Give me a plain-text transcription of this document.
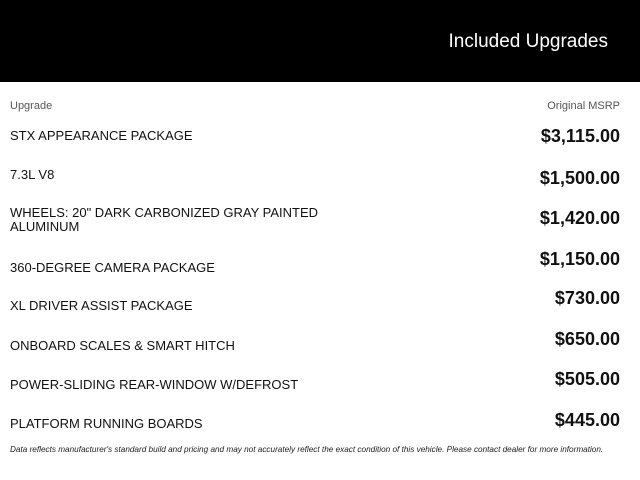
Included Upgrades
Upgrade	Original MSRP
STX APPEARANCE PACKAGE	$3,115.00
7.3L V8	$1,500.00
WHEELS: 20" DARK CARBONIZED GRAY PAINTED ALUMINUM	$1,420.00
360-DEGREE CAMERA PACKAGE	$1,150.00
XL DRIVER ASSIST PACKAGE	$730.00
ONBOARD SCALES & SMART HITCH	$650.00
POWER-SLIDING REAR-WINDOW W/DEFROST	$505.00
PLATFORM RUNNING BOARDS	$445.00
Data reflects manufacturer's standard build and pricing and may not accurately reflect the exact condition of this vehicle. Please contact dealer for more information.
